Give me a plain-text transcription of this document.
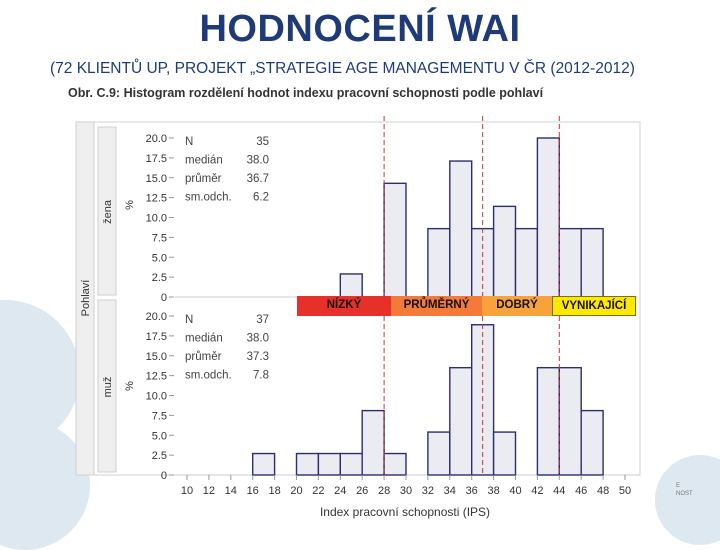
HODNOCENÍ WAI
(72 KLIENTŮ UP, PROJEKT „STRATEGIE AGE MANAGEMENTU V ČR (2012-2012)
Obr. C.9: Histogram rozdělení hodnot indexu pracovní schopnosti podle pohlaví
Pohlaví
žena
muž
%
%
0
2.5
5.0
7.5
10.0
12.5
15.0
17.5
20.0 N	35
medián 38.0
průměr 36.7
sm.odch. 6.2
0
2.5
5.0
7.5
10.0
12.5
15.0
17.5
20.0 N	37
medián 38.0
průměr 37.3
sm.odch. 7.8
10 12 14 16 18 20 22 24 26 28 30 32 34 36 38 40 42 44 46 48 50
Index pracovní schopnosti (IPS)
NÍZKÝ	PRŮMĚRNÝ	DOBRÝ	VYNIKAJÍCÍ
E
NOST
